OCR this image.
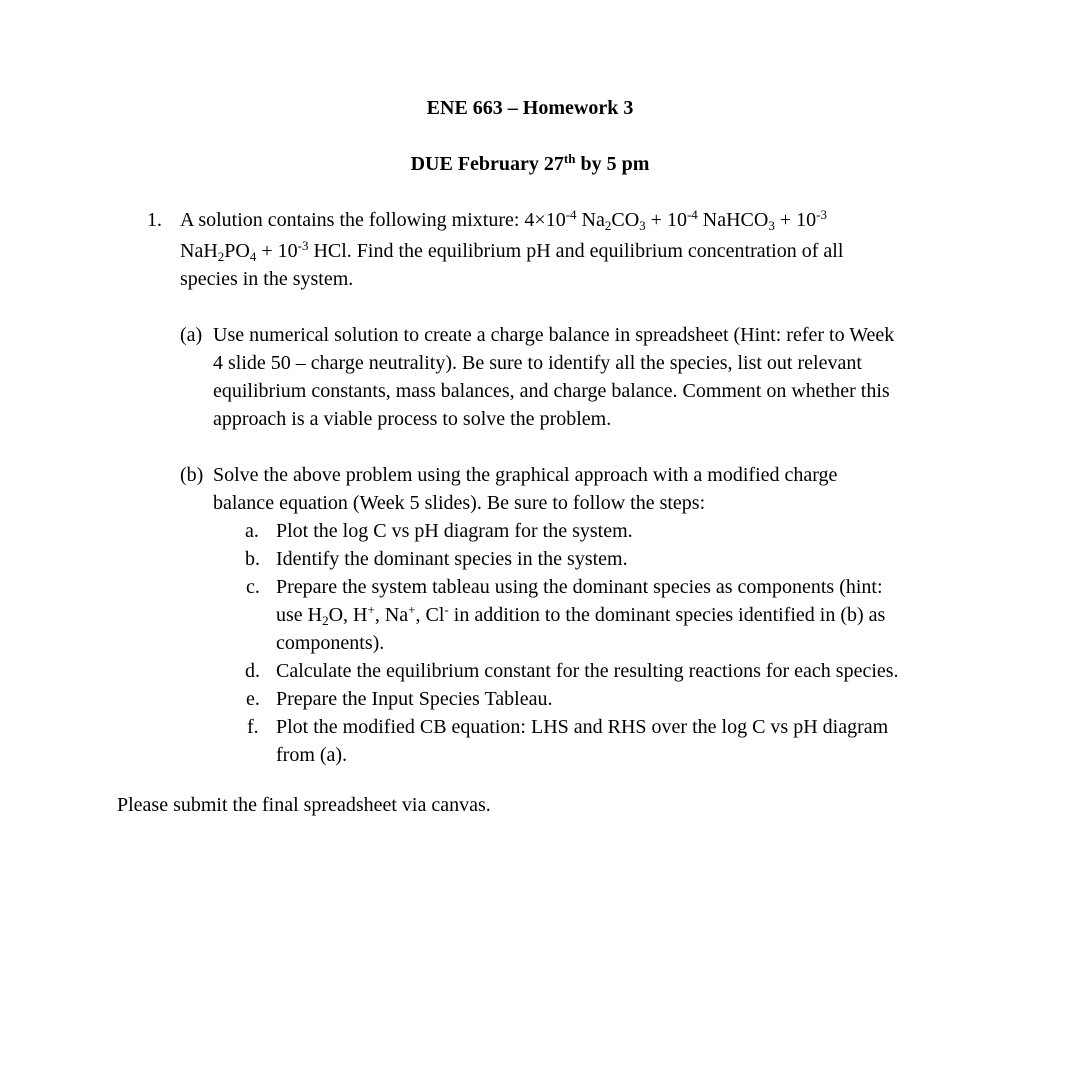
ENE 663 – Homework 3
DUE February 27th by 5 pm
1. A solution contains the following mixture: $4\times 10^{-4}$ $Na_2CO_3 + 10^{-4}$ NaHCO$_3$ + $10^{-3}$
$NaH_2PO_4 + 10^{-3}$ HCl. Find the equilibrium pH and equilibrium concentration of all
species in the system.
(a) Use numerical solution to create a charge balance in spreadsheet (Hint: refer to Week
4 slide 50 – charge neutrality). Be sure to identify all the species, list out relevant
equilibrium constants, mass balances, and charge balance. Comment on whether this
approach is a viable process to solve the problem.
(b) Solve the above problem using the graphical approach with a modified charge
balance equation (Week 5 slides). Be sure to follow the steps:
a. Plot the log C vs pH diagram for the system.
b. Identify the dominant species in the system.
c. Prepare the system tableau using the dominant species as components (hint:
use $H_2O$, H+, Na+, Cl- in addition to the dominant species identified in (b) as
components).
d. Calculate the equilibrium constant for the resulting reactions for each species.
e. Prepare the Input Species Tableau.
f. Plot the modified CB equation: LHS and RHS over the log C vs pH diagram
from (a).
Please submit the final spreadsheet via canvas.
